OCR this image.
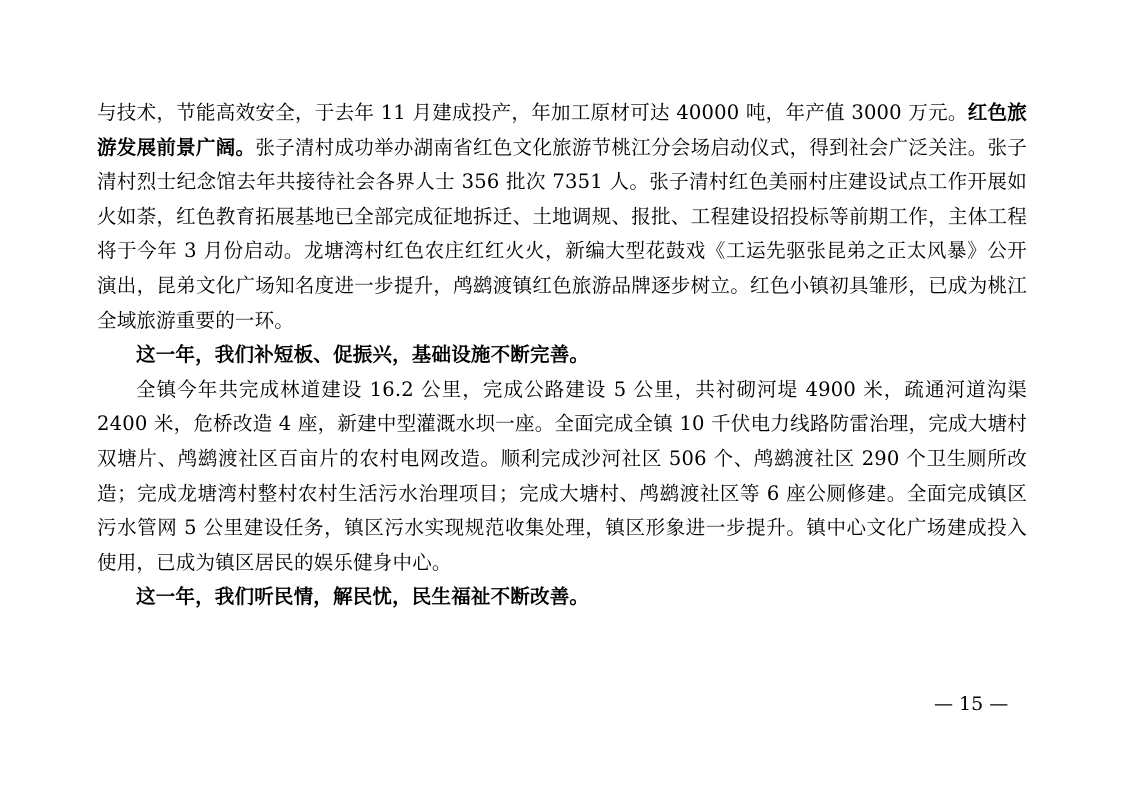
与技术，节能高效安全，于去年 11 月建成投产，年加工原材可达 40000 吨，年产值 3000 万元。红色旅游发展前景广阔。张子清村成功举办湖南省红色文化旅游节桃江分会场启动仪式，得到社会广泛关注。张子清村烈士纪念馆去年共接待社会各界人士 356 批次 7351 人。张子清村红色美丽村庄建设试点工作开展如火如荼，红色教育拓展基地已全部完成征地拆迁、土地调规、报批、工程建设招投标等前期工作，主体工程将于今年 3 月份启动。龙塘湾村红色农庄红红火火，新编大型花鼓戏《工运先驱张昆弟之正太风暴》公开演出，昆弟文化广场知名度进一步提升，鸬鹚渡镇红色旅游品牌逐步树立。红色小镇初具雏形，已成为桃江全域旅游重要的一环。

这一年，我们补短板、促振兴，基础设施不断完善。

全镇今年共完成林道建设 16.2 公里，完成公路建设 5 公里，共衬砌河堤 4900 米，疏通河道沟渠 2400 米，危桥改造 4 座，新建中型灌溉水坝一座。全面完成全镇 10 千伏电力线路防雷治理，完成大塘村双塘片、鸬鹚渡社区百亩片的农村电网改造。顺利完成沙河社区 506 个、鸬鹚渡社区 290 个卫生厕所改造；完成龙塘湾村整村农村生活污水治理项目；完成大塘村、鸬鹚渡社区等 6 座公厕修建。全面完成镇区污水管网 5 公里建设任务，镇区污水实现规范收集处理，镇区形象进一步提升。镇中心文化广场建成投入使用，已成为镇区居民的娱乐健身中心。

这一年，我们听民情，解民忧，民生福祉不断改善。

— 15 —
